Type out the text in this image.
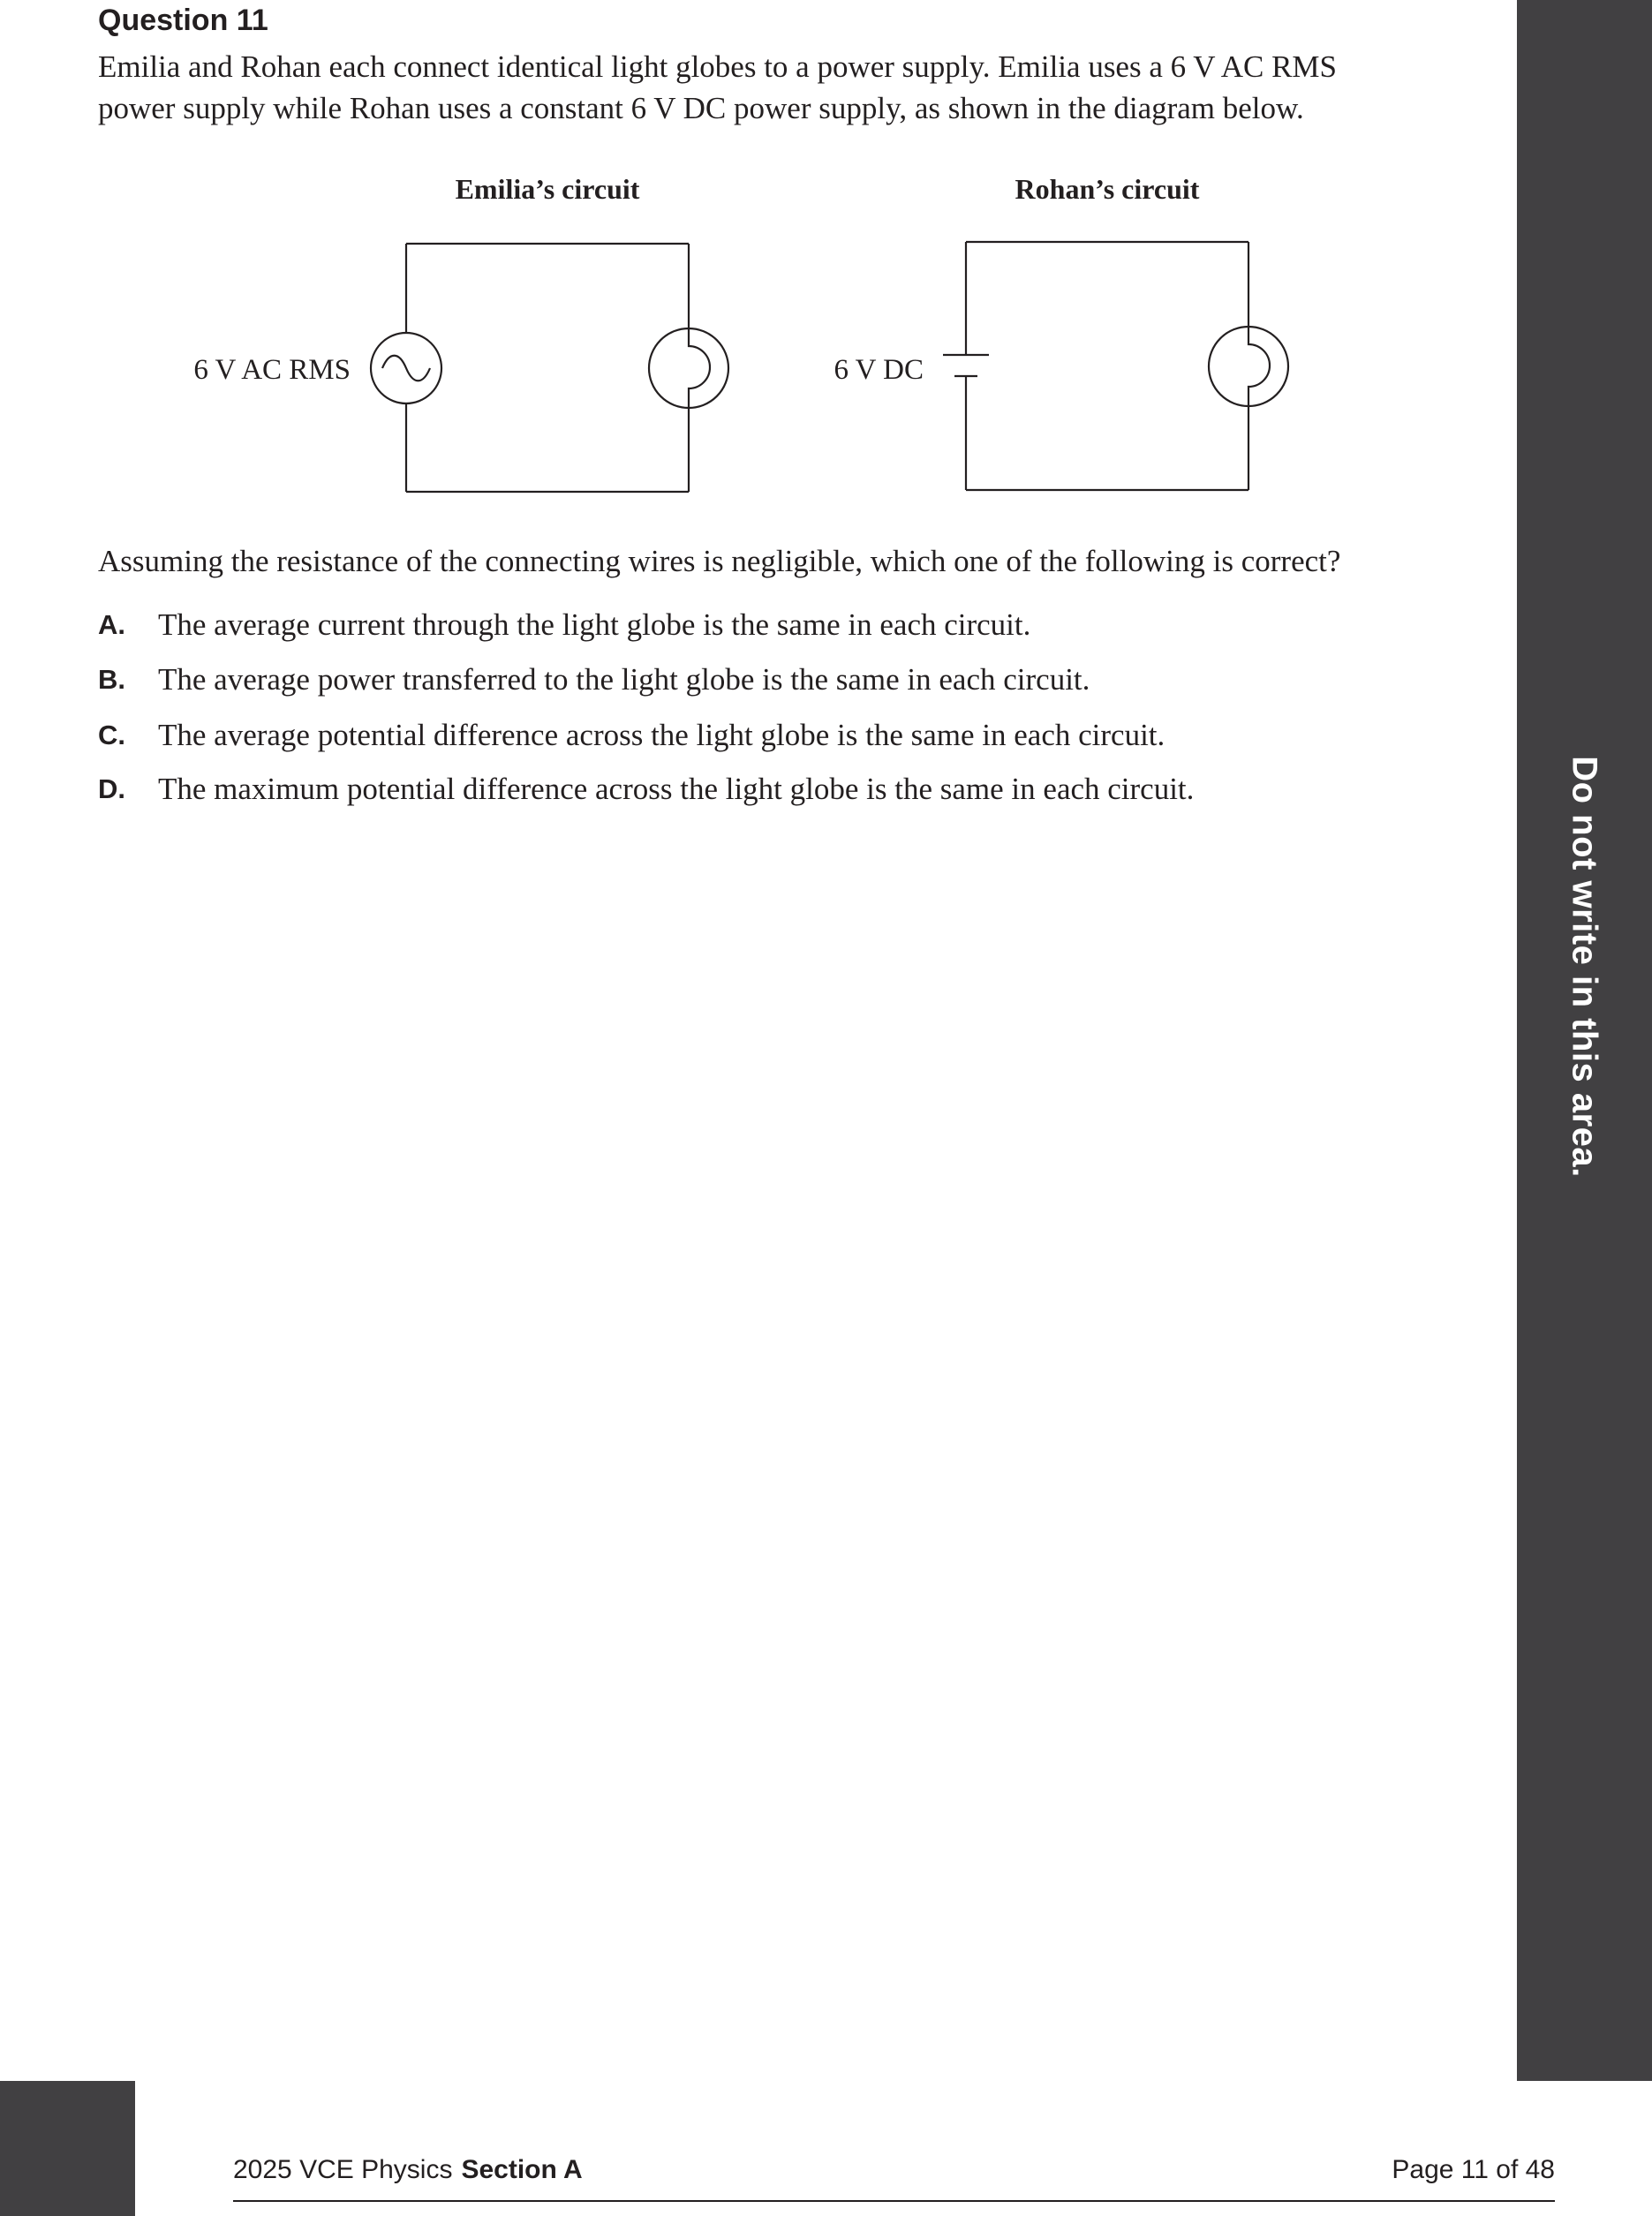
Do not write in this area.
Question 11

Emilia and Rohan each connect identical light globes to a power supply. Emilia uses a 6 V AC RMS

power supply while Rohan uses a constant 6 V DC power supply, as shown in the diagram below.

Emilia’s circuit	Rohan’s circuit
6 V AC RMS	6 V DC
Assuming the resistance of the connecting wires is negligible, which one of the following is correct?
A. The average current through the light globe is the same in each circuit.
B. The average power transferred to the light globe is the same in each circuit.
C. The average potential difference across the light globe is the same in each circuit.
D. The maximum potential difference across the light globe is the same in each circuit.
2025 VCE Physics Section A	Page 11 of 48
